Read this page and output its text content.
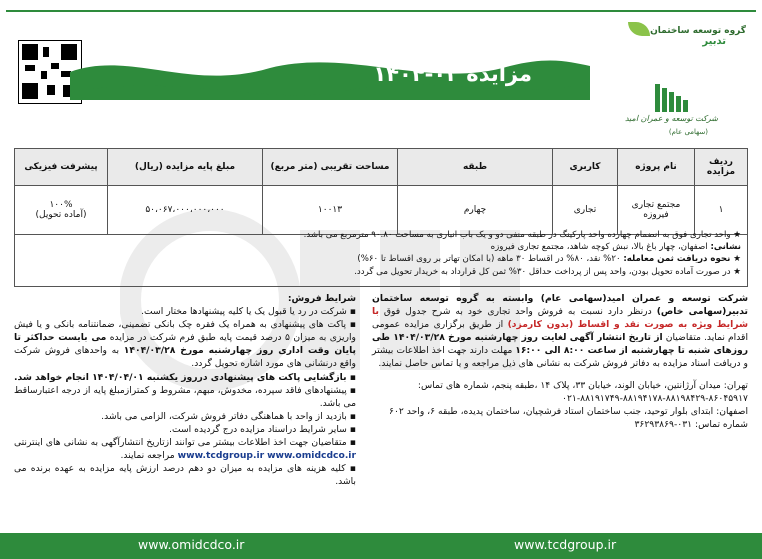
مزایده ۰۲-۱۴۰۴
گروه توسعه ساختمان
تدبیر
شرکت توسعه و عمران امید
(سهامی عام)
ردیف مزایده	نام پروژه	کاربری	طبقه	مساحت تقریبی (متر مربع)	مبلغ پایه مزایده (ریال)	پیشرفت فیزیکی
۱	مجتمع تجاری فیروزه	تجاری	چهارم	۱۰۰۱۳	۵۰،۰۶۷،۰۰۰،۰۰۰،۰۰۰	۱۰۰%
(آماده تحویل)
★ واحد تجاری فوق به انضمام چهارده واحد پارکینگ در طبقه منفی دو و یک باب انباری به مساحت ۹۰.۸۰ مترمربع می باشد.
نشانی: اصفهان، چهار باغ بالا، نبش کوچه شاهد، مجتمع تجاری فیروزه
★ نحوه دریافت ثمن معامله: ۲۰% نقد، ۸۰% در اقساط ۳۰ ماهه (با امکان تهاتر بر روی اقساط تا ۶۰%)
★ در صورت آماده تحویل بودن، واحد پس از پرداخت حداقل ۳۰% ثمن کل قرارداد به خریدار تحویل می گردد.

شرکت توسعه و عمران امید(سهامی عام) وابسته به گروه توسعه ساختمان تدبیر(سهامی خاص) درنظر دارد نسبت به فروش واحد تجاری خود به شرح جدول فوق با شرایط ویژه به صورت نقد و اقساط (بدون کارمزد) از طریق برگزاری مزایده عمومی اقدام نماید. متقاضیان از تاریخ انتشار آگهی لغایت روز چهارشنبه مورخ ۱۴۰۴/۰۳/۲۸ طی روزهای شنبه تا چهارشنبه از ساعت ۸:۰۰ الی ۱۶:۰۰ مهلت دارند جهت اخذ اطلاعات بیشتر و دریافت اسناد مزایده به دفاتر فروش شرکت به نشانی های ذیل مراجعه و یا تماس حاصل نمایند.

تهران: میدان آرژانتین، خیابان الوند، خیابان ۳۳، پلاک ۱۴ ،طبقه پنجم، شماره های تماس:

۰۲۱-۸۸۱۹۱۷۴۹-۸۸۱۹۴۱۷۸-۸۸۱۹۸۴۲۹-۸۶۰۴۵۹۱۷

اصفهان: ابتدای بلوار توحید، جنب ساختمان استاد فرشچیان، ساختمان پدیده، طبقه ۶، واحد ۶۰۲

شماره تماس: ۰۳۱-۳۶۲۹۳۸۶۹

شرایط فروش:

▪ شرکت در رد یا قبول یک یا کلیه پیشنهادها مختار است.
▪ پاکت های پیشنهادی به همراه یک فقره چک بانکی تضمینی، ضمانتنامه بانکی و یا فیش واریزی به میزان ۵ درصد قیمت پایه طبق فرم شرکت در مزایده می بایست حداکثر تا پایان وقت اداری روز چهارشنبه مورخ ۱۴۰۴/۰۳/۲۸ به واحدهای فروش شرکت واقع درنشانی های مورد اشاره تحویل گردد.
▪ بازگشایی پاکت های پیشنهادی درروز یکشنبه ۱۴۰۴/۰۴/۰۱ انجام خواهد شد.
▪ پیشنهادهای فاقد سپرده، مخدوش، مبهم، مشروط و کمترازمبلغ پایه از درجه اعتبارساقط می باشد.
▪ بازدید از واحد با هماهنگی دفاتر فروش شرکت، الزامی می باشد.
▪ سایر شرایط دراسناد مزایده درج گردیده است.
▪ متقاضیان جهت اخذ اطلاعات بیشتر می توانند ازتاریخ انتشارآگهی به نشانی های اینترنتی www.tcdgroup.ir www.omidcdco.ir مراجعه نمایند.
▪ کلیه هزینه های مزایده به میزان دو دهم درصد ارزش پایه مزایده به عهده برنده می باشد.
www.omidcdco.ir	www.tcdgroup.ir
